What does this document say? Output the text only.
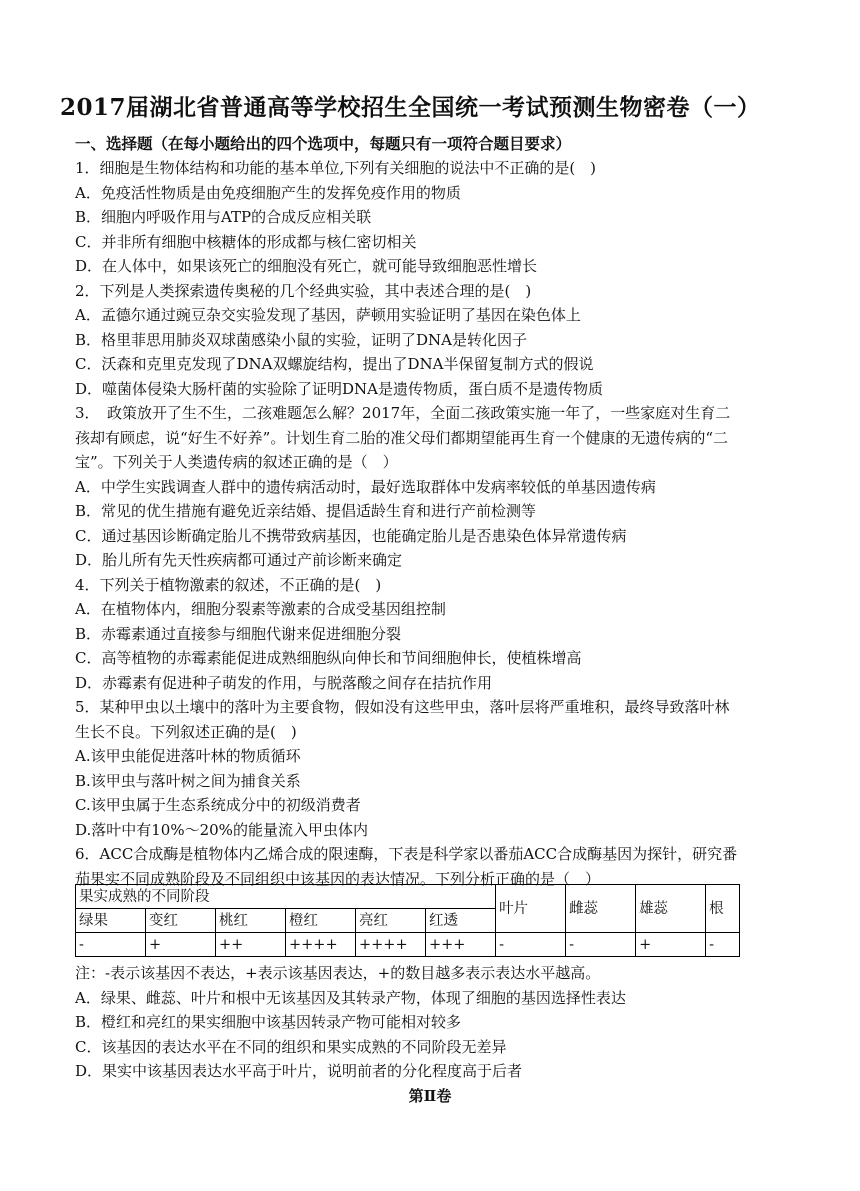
2017届湖北省普通高等学校招生全国统一考试预测生物密卷（一）
一、选择题（在每小题给出的四个选项中，每题只有一项符合题目要求）
1．细胞是生物体结构和功能的基本单位,下列有关细胞的说法中不正确的是(　)
A．免疫活性物质是由免疫细胞产生的发挥免疫作用的物质
B．细胞内呼吸作用与ATP的合成反应相关联
C．并非所有细胞中核糖体的形成都与核仁密切相关
D．在人体中，如果该死亡的细胞没有死亡，就可能导致细胞恶性增长
2．下列是人类探索遗传奥秘的几个经典实验，其中表述合理的是(　)
A．孟德尔通过豌豆杂交实验发现了基因，萨顿用实验证明了基因在染色体上
B．格里菲思用肺炎双球菌感染小鼠的实验，证明了DNA是转化因子
C．沃森和克里克发现了DNA双螺旋结构，提出了DNA半保留复制方式的假说
D．噬菌体侵染大肠杆菌的实验除了证明DNA是遗传物质，蛋白质不是遗传物质
3．　政策放开了生不生，二孩难题怎么解？2017年，全面二孩政策实施一年了，一些家庭对生育二
孩却有顾虑，说“好生不好养”。计划生育二胎的准父母们都期望能再生育一个健康的无遗传病的“二
宝”。下列关于人类遗传病的叙述正确的是（　）
A．中学生实践调查人群中的遗传病活动时，最好选取群体中发病率较低的单基因遗传病
B．常见的优生措施有避免近亲结婚、提倡适龄生育和进行产前检测等
C．通过基因诊断确定胎儿不携带致病基因，也能确定胎儿是否患染色体异常遗传病
D．胎儿所有先天性疾病都可通过产前诊断来确定
4．下列关于植物激素的叙述，不正确的是(　)
A．在植物体内，细胞分裂素等激素的合成受基因组控制
B．赤霉素通过直接参与细胞代谢来促进细胞分裂
C．高等植物的赤霉素能促进成熟细胞纵向伸长和节间细胞伸长，使植株增高
D．赤霉素有促进种子萌发的作用，与脱落酸之间存在拮抗作用
5．某种甲虫以土壤中的落叶为主要食物，假如没有这些甲虫，落叶层将严重堆积，最终导致落叶林
生长不良。下列叙述正确的是(　)
A.该甲虫能促进落叶林的物质循环
B.该甲虫与落叶树之间为捕食关系
C.该甲虫属于生态系统成分中的初级消费者
D.落叶中有10%～20%的能量流入甲虫体内
6．ACC合成酶是植物体内乙烯合成的限速酶，下表是科学家以番茄ACC合成酶基因为探针，研究番
茄果实不同成熟阶段及不同组织中该基因的表达情况。下列分析正确的是（　）
果实成熟的不同阶段						叶片	雌蕊	雄蕊	根
绿果	变红	桃红	橙红	亮红	红透				
-	+	++	++++	++++	+++	-	-	+	-
注：-表示该基因不表达，+表示该基因表达，+的数目越多表示表达水平越高。
A．绿果、雌蕊、叶片和根中无该基因及其转录产物，体现了细胞的基因选择性表达
B．橙红和亮红的果实细胞中该基因转录产物可能相对较多
C．该基因的表达水平在不同的组织和果实成熟的不同阶段无差异
D．果实中该基因表达水平高于叶片，说明前者的分化程度高于后者
第Ⅱ卷
